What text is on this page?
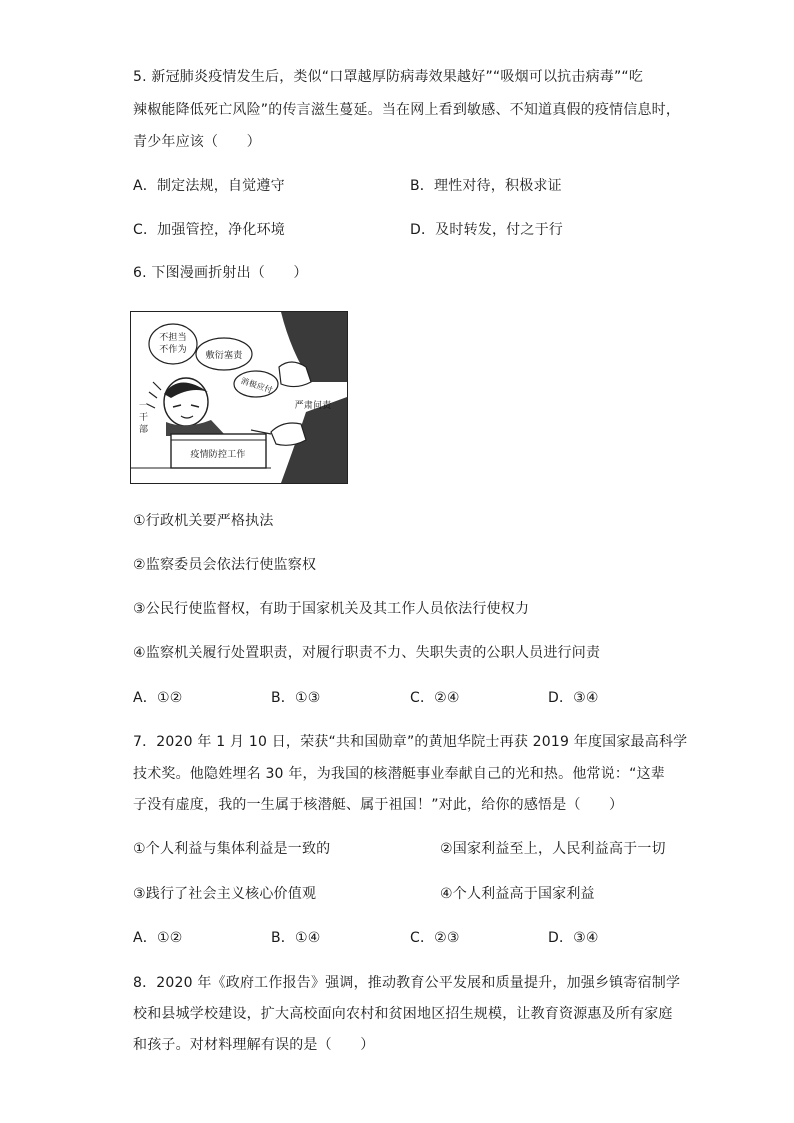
5. 新冠肺炎疫情发生后，类似“口罩越厚防病毒效果越好”“吸烟可以抗击病毒”“吃
辣椒能降低死亡风险”的传言滋生蔓延。当在网上看到敏感、不知道真假的疫情信息时，
青少年应该（　　）
A．制定法规，自觉遵守	B．理性对待，积极求证
C．加强管控，净化环境	D．及时转发，付之于行
6. 下图漫画折射出（　　）
不担当
不作为
敷衍塞责
消极应付
一
干
部
疫情防控工作
严肃问责
①行政机关要严格执法
②监察委员会依法行使监察权
③公民行使监督权，有助于国家机关及其工作人员依法行使权力
④监察机关履行处置职责，对履行职责不力、失职失责的公职人员进行问责
A．①②	B．①③	C．②④	D．③④
7．2020 年 1 月 10 日，荣获“共和国勋章”的黄旭华院士再获 2019 年度国家最高科学
技术奖。他隐姓埋名 30 年，为我国的核潜艇事业奉献自己的光和热。他常说：“这辈
子没有虚度，我的一生属于核潜艇、属于祖国！”对此，给你的感悟是（　　）
①个人利益与集体利益是一致的	②国家利益至上，人民利益高于一切
③践行了社会主义核心价值观	④个人利益高于国家利益
A．①②	B．①④	C．②③	D．③④
8．2020 年《政府工作报告》强调，推动教育公平发展和质量提升，加强乡镇寄宿制学
校和县城学校建设，扩大高校面向农村和贫困地区招生规模，让教育资源惠及所有家庭
和孩子。对材料理解有误的是（　　）
